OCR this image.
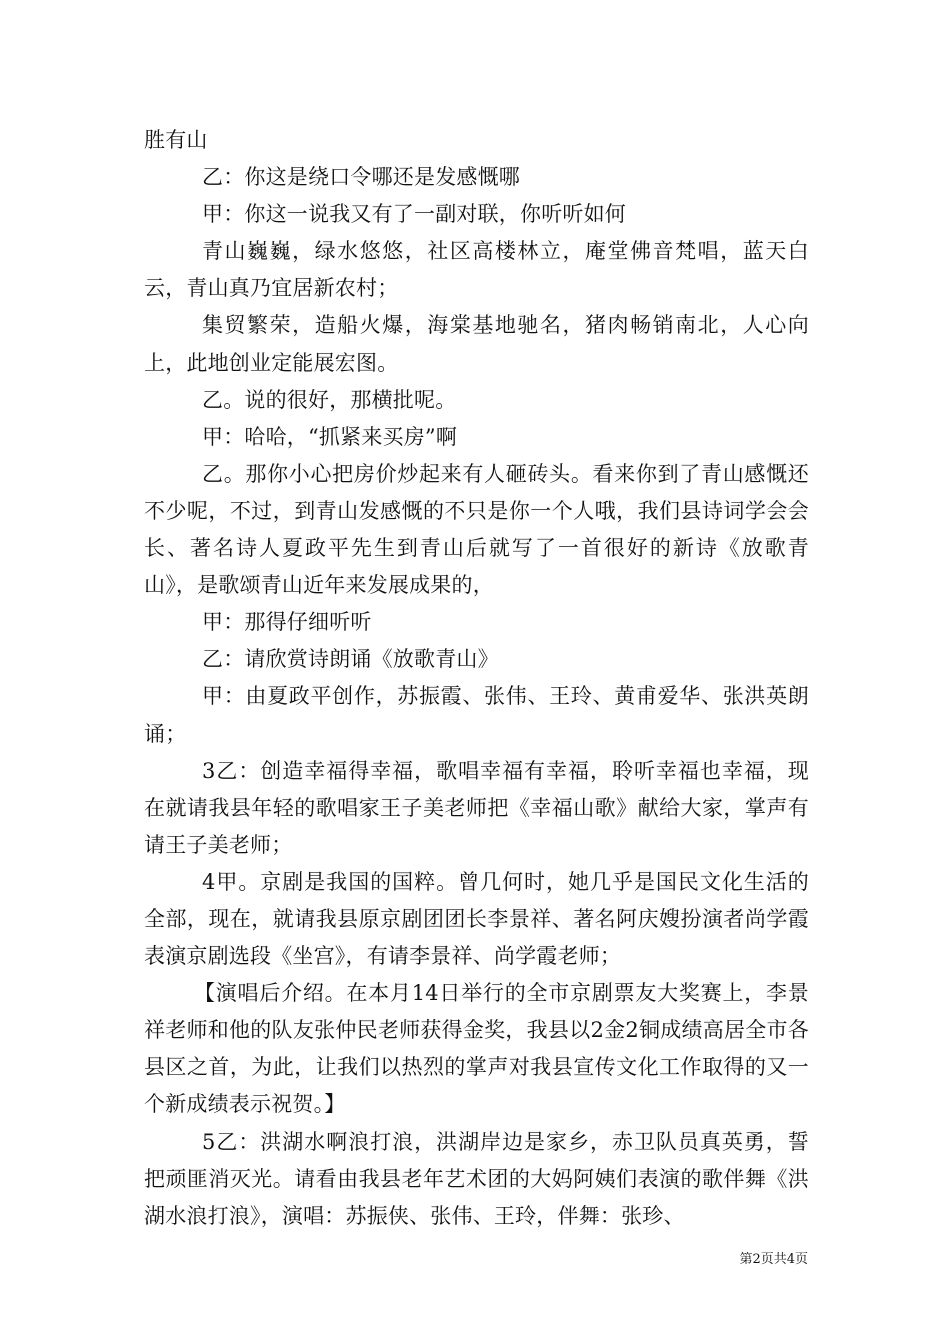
胜有山

乙：你这是绕口令哪还是发感慨哪

甲：你这一说我又有了一副对联，你听听如何

青山巍巍，绿水悠悠，社区高楼林立，庵堂佛音梵唱，蓝天白云，青山真乃宜居新农村；

集贸繁荣，造船火爆，海棠基地驰名，猪肉畅销南北，人心向上，此地创业定能展宏图。

乙。说的很好，那横批呢。

甲：哈哈，“抓紧来买房”啊

乙。那你小心把房价炒起来有人砸砖头。看来你到了青山感慨还不少呢，不过，到青山发感慨的不只是你一个人哦，我们县诗词学会会长、著名诗人夏政平先生到青山后就写了一首很好的新诗《放歌青山》，是歌颂青山近年来发展成果的，

甲：那得仔细听听

乙：请欣赏诗朗诵《放歌青山》

甲：由夏政平创作，苏振霞、张伟、王玲、黄甫爱华、张洪英朗诵；

3乙：创造幸福得幸福，歌唱幸福有幸福，聆听幸福也幸福，现在就请我县年轻的歌唱家王子美老师把《幸福山歌》献给大家，掌声有请王子美老师；

4甲。京剧是我国的国粹。曾几何时，她几乎是国民文化生活的全部，现在，就请我县原京剧团团长李景祥、著名阿庆嫂扮演者尚学霞表演京剧选段《坐宫》，有请李景祥、尚学霞老师；

【演唱后介绍。在本月14日举行的全市京剧票友大奖赛上，李景祥老师和他的队友张仲民老师获得金奖，我县以2金2铜成绩高居全市各县区之首，为此，让我们以热烈的掌声对我县宣传文化工作取得的又一个新成绩表示祝贺。】

5乙：洪湖水啊浪打浪，洪湖岸边是家乡，赤卫队员真英勇，誓把顽匪消灭光。请看由我县老年艺术团的大妈阿姨们表演的歌伴舞《洪湖水浪打浪》，演唱：苏振侠、张伟、王玲，伴舞：张珍、

第2页共4页
